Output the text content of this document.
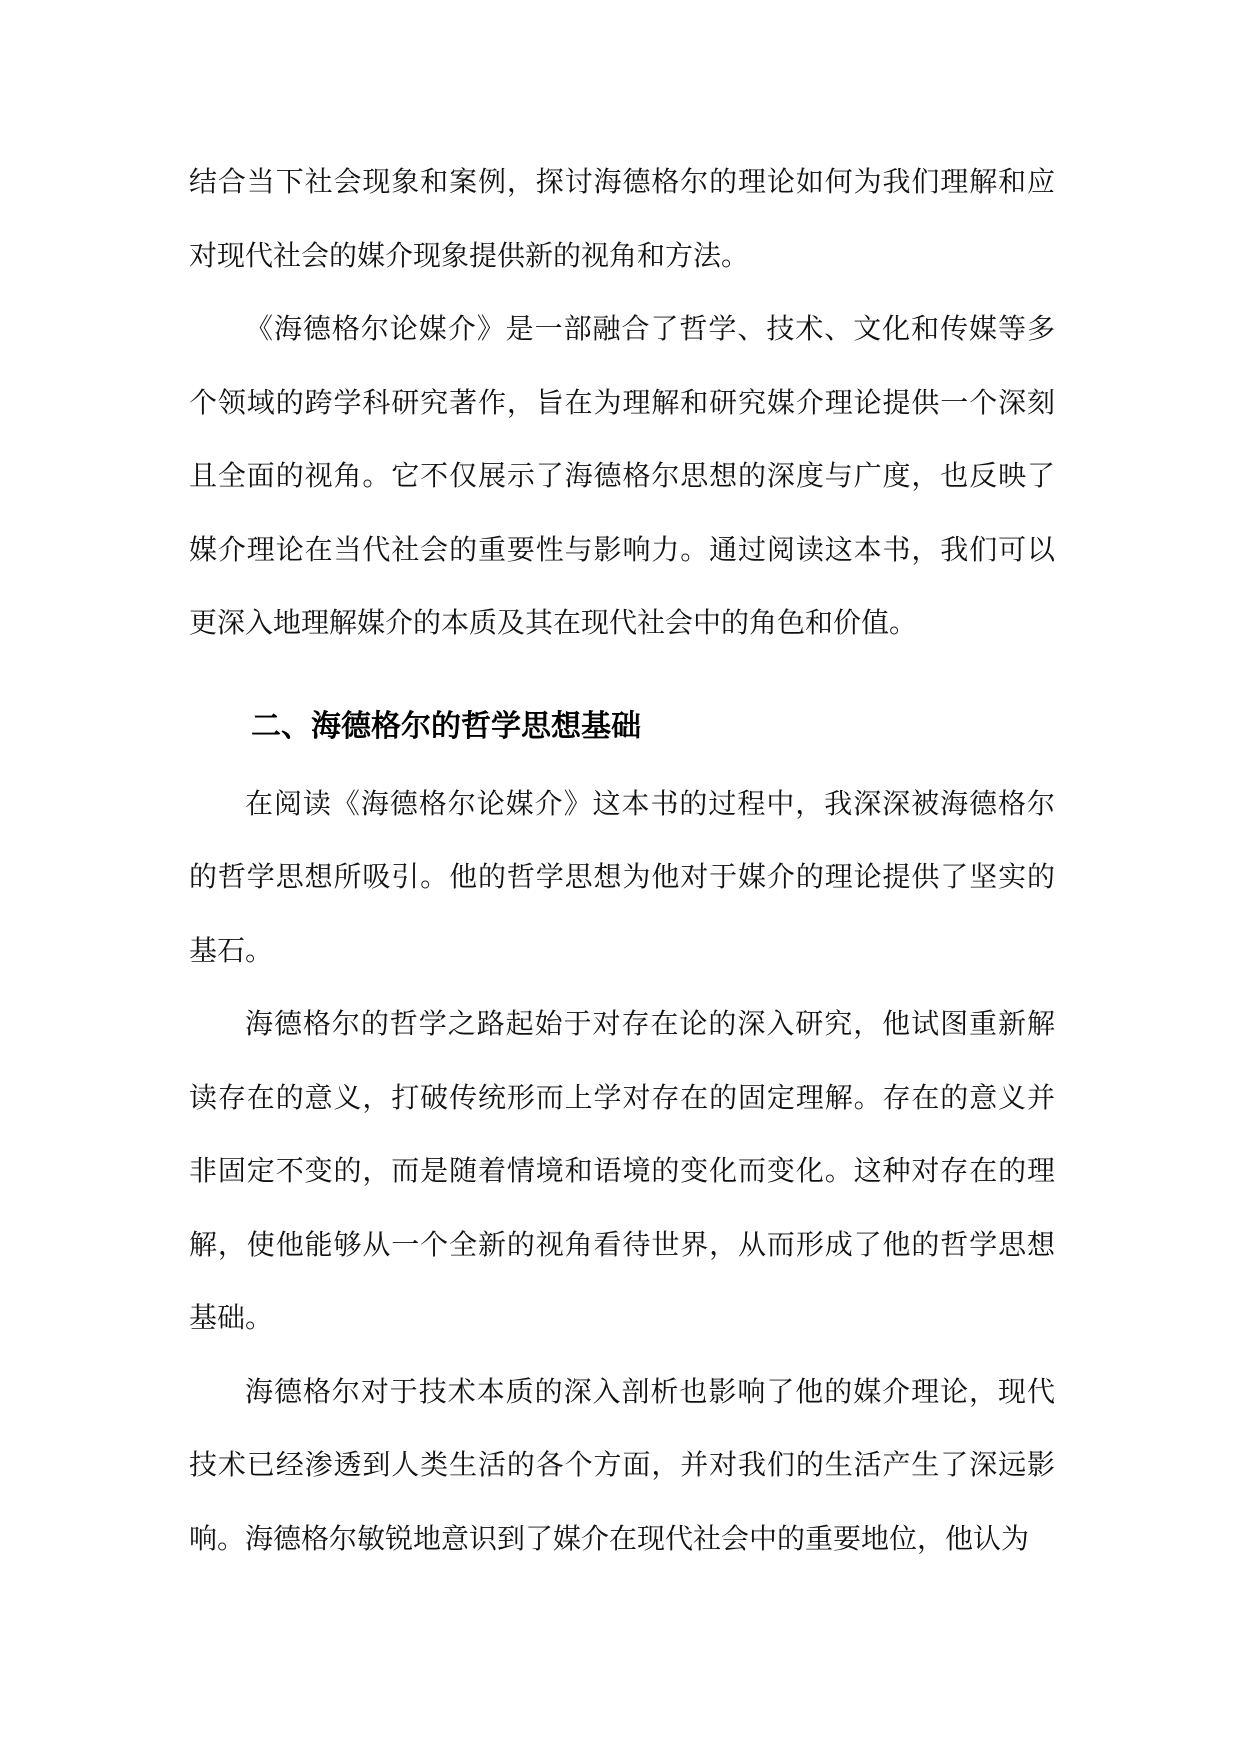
结合当下社会现象和案例，探讨海德格尔的理论如何为我们理解和应对现代社会的媒介现象提供新的视角和方法。

《海德格尔论媒介》是一部融合了哲学、技术、文化和传媒等多个领域的跨学科研究著作，旨在为理解和研究媒介理论提供一个深刻且全面的视角。它不仅展示了海德格尔思想的深度与广度，也反映了媒介理论在当代社会的重要性与影响力。通过阅读这本书，我们可以更深入地理解媒介的本质及其在现代社会中的角色和价值。

二、海德格尔的哲学思想基础

在阅读《海德格尔论媒介》这本书的过程中，我深深被海德格尔的哲学思想所吸引。他的哲学思想为他对于媒介的理论提供了坚实的基石。

海德格尔的哲学之路起始于对存在论的深入研究，他试图重新解读存在的意义，打破传统形而上学对存在的固定理解。存在的意义并非固定不变的，而是随着情境和语境的变化而变化。这种对存在的理解，使他能够从一个全新的视角看待世界，从而形成了他的哲学思想基础。

海德格尔对于技术本质的深入剖析也影响了他的媒介理论，现代技术已经渗透到人类生活的各个方面，并对我们的生活产生了深远影响。海德格尔敏锐地意识到了媒介在现代社会中的重要地位，他认为
